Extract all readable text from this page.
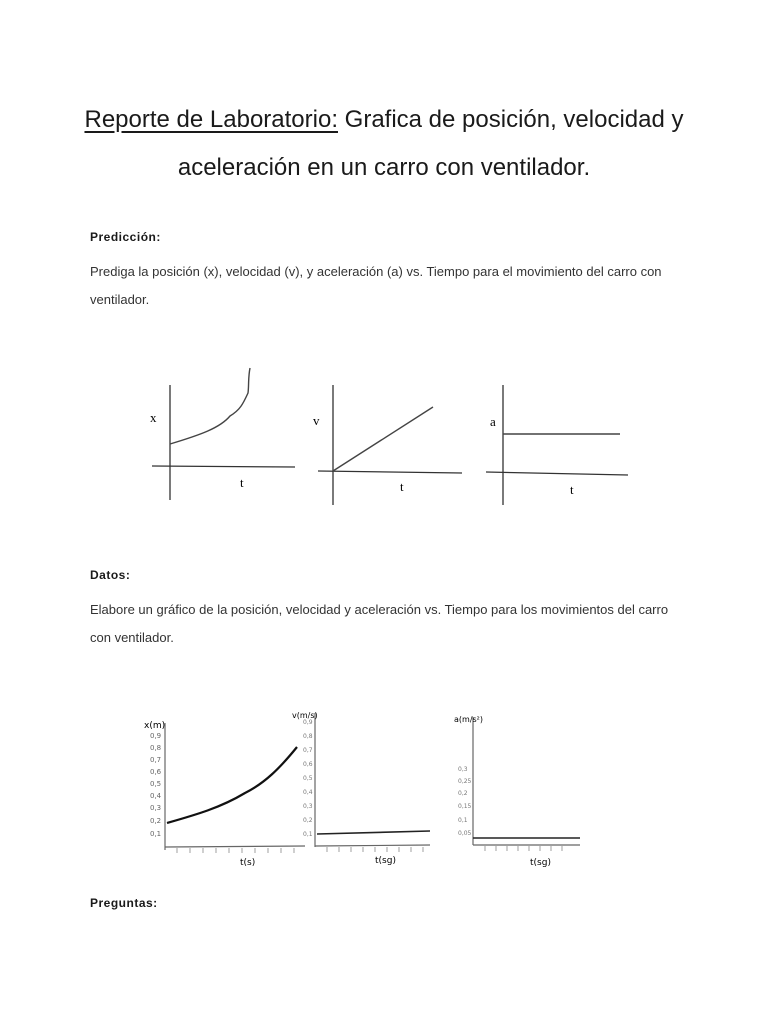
Reporte de Laboratorio: Grafica de posición, velocidad y aceleración en un carro con ventilador.
Predicción:

Prediga la posición (x), velocidad (v), y aceleración (a) vs. Tiempo para el movimiento del carro con ventilador.

x
t
v
t
a
t
Datos:

Elabore un gráfico de la posición, velocidad y aceleración vs. Tiempo para los movimientos del carro con ventilador.

x(m)
0,1
0,2
0,3
0,4
0,5
0,6
0,7
0,8
0,9
t(s)
v(m/s)
0,1
0,2
0,3
0,4
0,5
0,6
0,7
0,8
0,9
t(sg)
a(m/s²)
0,05
0,1
0,15
0,2
0,25
0,3
t(sg)
Preguntas:
